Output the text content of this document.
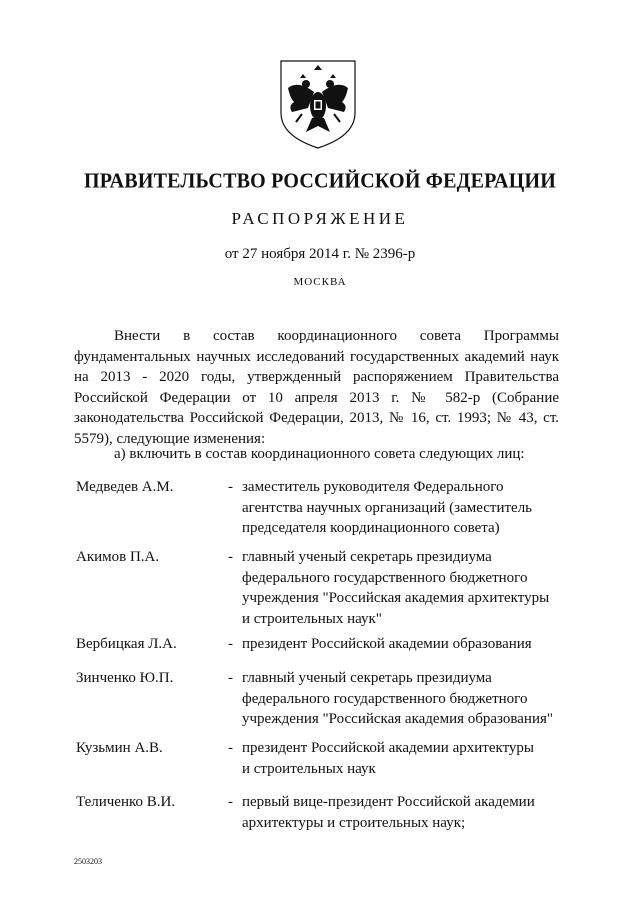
ПРАВИТЕЛЬСТВО РОССИЙСКОЙ ФЕДЕРАЦИИ
РАСПОРЯЖЕНИЕ
от 27 ноября 2014 г. № 2396-р
МОСКВА

Внести в состав координационного совета Программы фундаментальных научных исследований государственных академий наук на 2013 - 2020 годы, утвержденный распоряжением Правительства Российской Федерации от 10 апреля 2013 г. № 582-р (Собрание законодательства Российской Федерации, 2013, № 16, ст. 1993; № 43, ст. 5579), следующие изменения:

а) включить в состав координационного совета следующих лиц:

Медведев А.М.	- заместитель руководителя Федерального
агентства научных организаций (заместитель
председателя координационного совета)
Акимов П.А.	- главный ученый секретарь президиума
федерального государственного бюджетного
учреждения "Российская академия архитектуры
и строительных наук"
Вербицкая Л.А.	- президент Российской академии образования
Зинченко Ю.П.	- главный ученый секретарь президиума
федерального государственного бюджетного
учреждения "Российская академия образования"
Кузьмин А.В.	- президент Российской академии архитектуры
и строительных наук
Теличенко В.И.	- первый вице-президент Российской академии
архитектуры и строительных наук;
2503203
